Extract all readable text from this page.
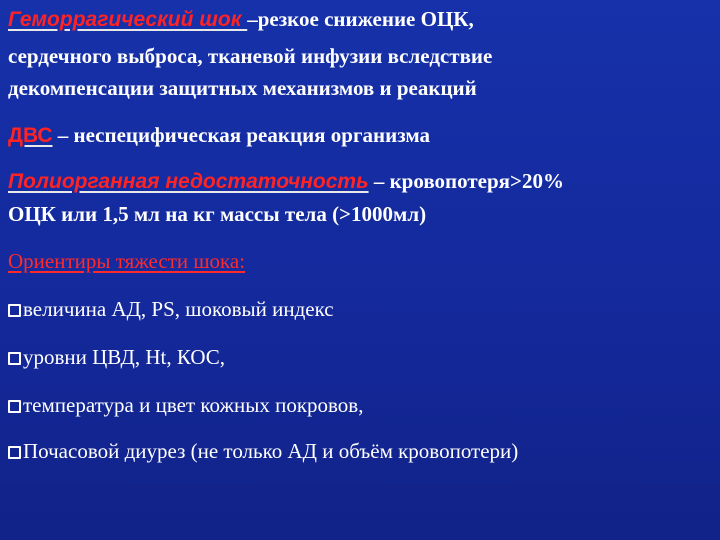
Геморрагический шок –резкое снижение ОЦК,
сердечного выброса, тканевой инфузии вследствие
декомпенсации защитных механизмов и реакций
ДВС – неспецифическая реакция организма
Полиорганная недостаточность – кровопотеря>20%
ОЦК или 1,5 мл на кг массы тела (>1000мл)
Ориентиры тяжести шока:
величина АД, PS, шоковый индекс
уровни ЦВД, Ht, КОС,
температура и цвет кожных покровов,
Почасовой диурез (не только АД и объём кровопотери)
